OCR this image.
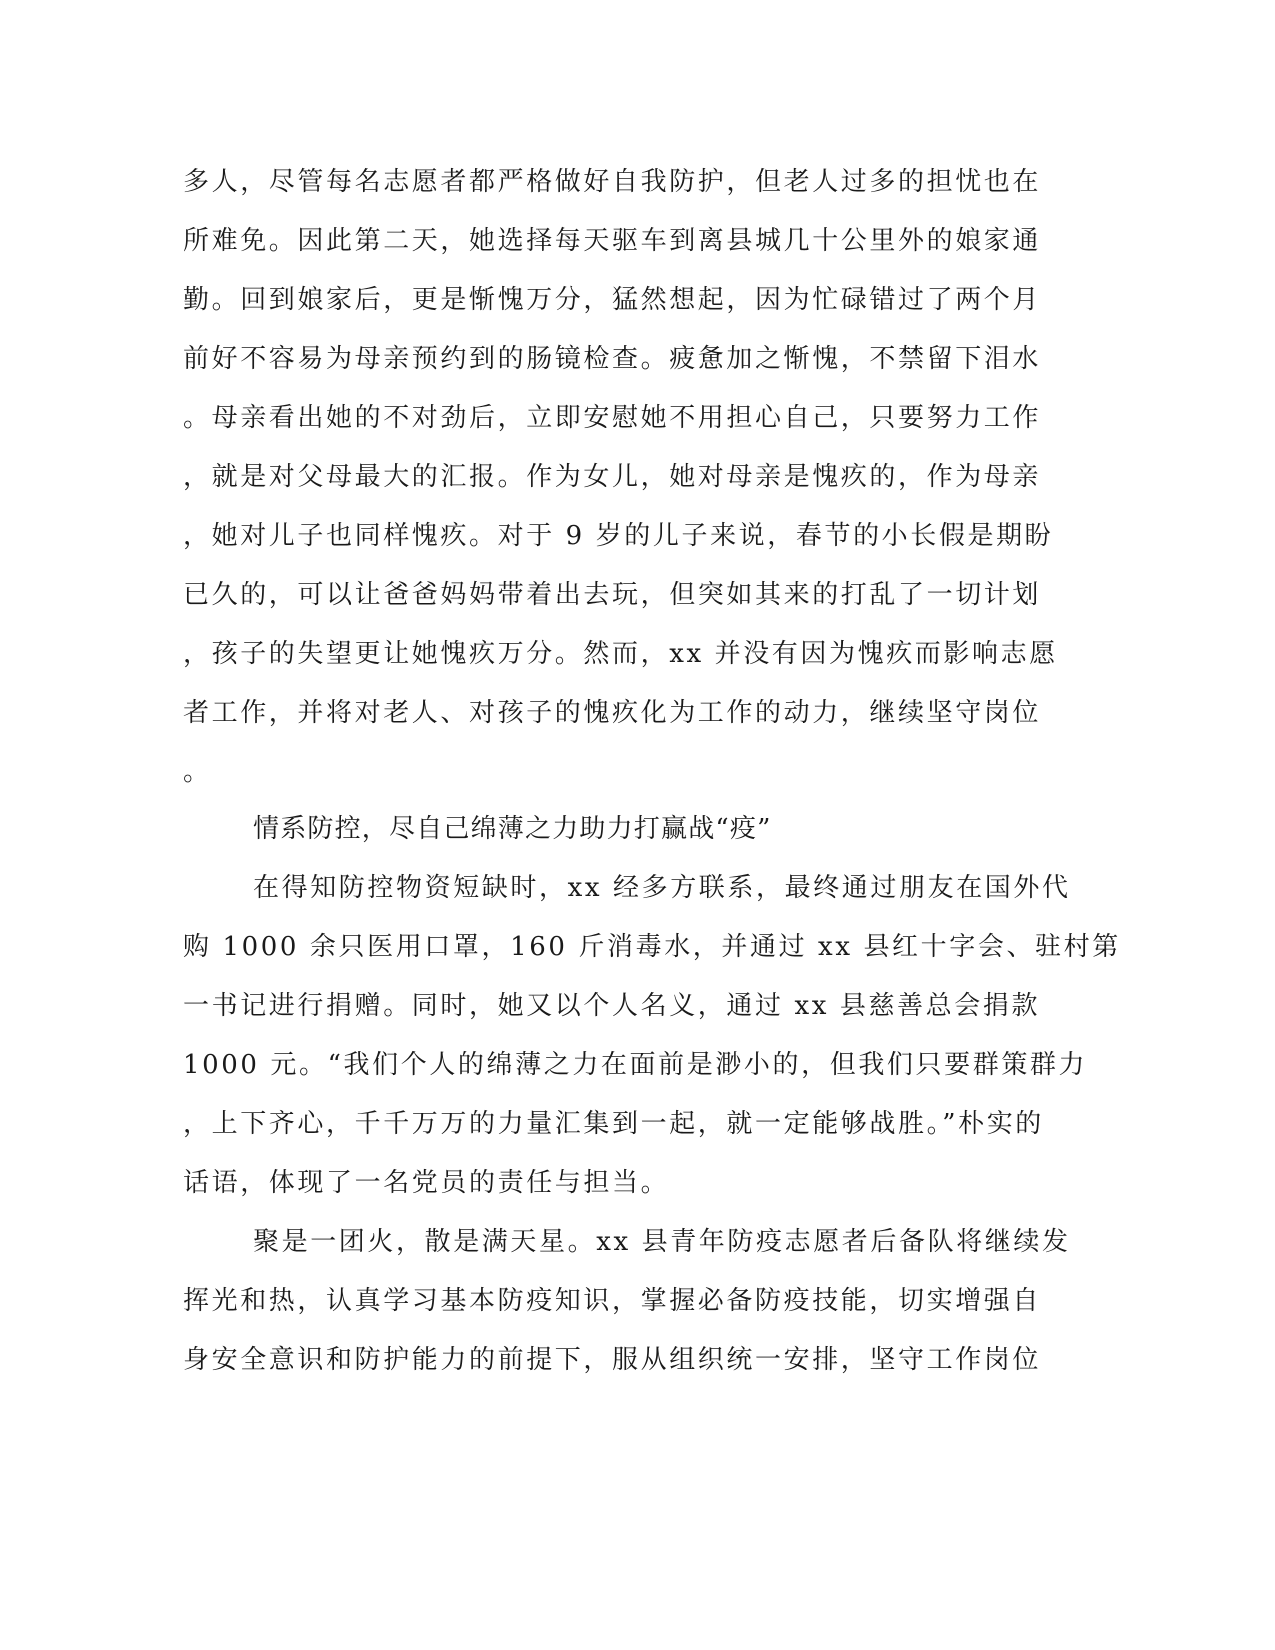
多人，尽管每名志愿者都严格做好自我防护，但老人过多的担忧也在

所难免。因此第二天，她选择每天驱车到离县城几十公里外的娘家通

勤。回到娘家后，更是惭愧万分，猛然想起，因为忙碌错过了两个月

前好不容易为母亲预约到的肠镜检查。疲惫加之惭愧，不禁留下泪水

。母亲看出她的不对劲后，立即安慰她不用担心自己，只要努力工作

，就是对父母最大的汇报。作为女儿，她对母亲是愧疚的，作为母亲

，她对儿子也同样愧疚。对于 9 岁的儿子来说，春节的小长假是期盼

已久的，可以让爸爸妈妈带着出去玩，但突如其来的打乱了一切计划

，孩子的失望更让她愧疚万分。然而，xx 并没有因为愧疚而影响志愿

者工作，并将对老人、对孩子的愧疚化为工作的动力，继续坚守岗位

。

情系防控，尽自己绵薄之力助力打赢战“疫”

在得知防控物资短缺时，xx 经多方联系，最终通过朋友在国外代

购 1000 余只医用口罩，160 斤消毒水，并通过 xx 县红十字会、驻村第

一书记进行捐赠。同时，她又以个人名义，通过 xx 县慈善总会捐款

1000 元。“我们个人的绵薄之力在面前是渺小的，但我们只要群策群力

，上下齐心，千千万万的力量汇集到一起，就一定能够战胜。”朴实的

话语，体现了一名党员的责任与担当。

聚是一团火，散是满天星。xx 县青年防疫志愿者后备队将继续发

挥光和热，认真学习基本防疫知识，掌握必备防疫技能，切实增强自

身安全意识和防护能力的前提下，服从组织统一安排，坚守工作岗位
